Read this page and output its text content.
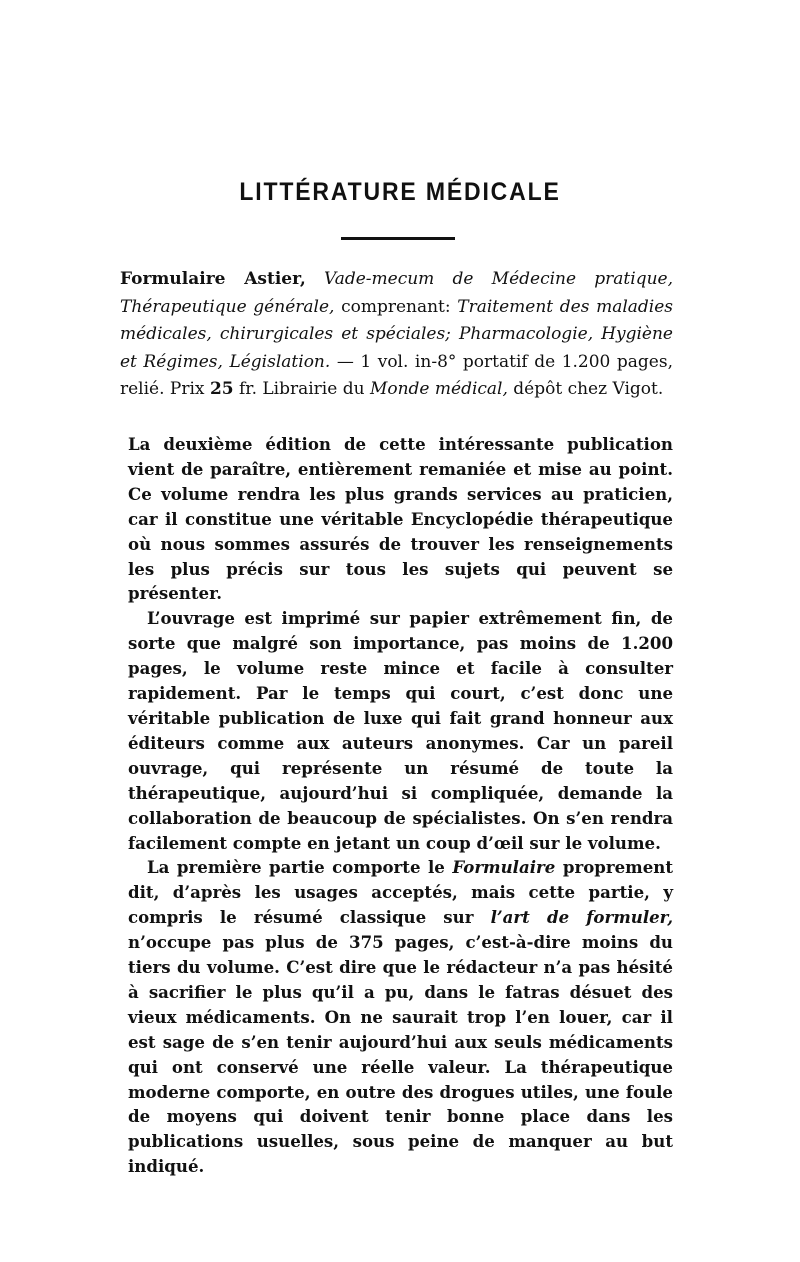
LITTÉRATURE MÉDICALE
Formulaire Astier, Vade-mecum de Médecine pratique, Thérapeutique générale, comprenant: Traitement des maladies médicales, chirurgicales et spéciales; Pharmacologie, Hygiène et Régimes, Législation. — 1 vol. in-8° portatif de 1.200 pages, relié. Prix 25 fr. Librairie du Monde médical, dépôt chez Vigot.

La deuxième édition de cette intéressante publication vient de paraître, entièrement remaniée et mise au point. Ce volume rendra les plus grands services au praticien, car il constitue une véritable Encyclopédie thérapeutique où nous sommes assurés de trouver les renseignements les plus précis sur tous les sujets qui peuvent se présenter.

L’ouvrage est imprimé sur papier extrêmement fin, de sorte que malgré son importance, pas moins de 1.200 pages, le volume reste mince et facile à consulter rapidement. Par le temps qui court, c’est donc une véritable publication de luxe qui fait grand honneur aux éditeurs comme aux auteurs anonymes. Car un pareil ouvrage, qui représente un résumé de toute la thérapeutique, aujourd’hui si compliquée, demande la collaboration de beaucoup de spécialistes. On s’en rendra facilement compte en jetant un coup d’œil sur le volume.

La première partie comporte le Formulaire proprement dit, d’après les usages acceptés, mais cette partie, y compris le résumé classique sur l’art de formuler, n’occupe pas plus de 375 pages, c’est-à-dire moins du tiers du volume. C’est dire que le rédacteur n’a pas hésité à sacrifier le plus qu’il a pu, dans le fatras désuet des vieux médicaments. On ne saurait trop l’en louer, car il est sage de s’en tenir aujourd’hui aux seuls médicaments qui ont conservé une réelle valeur. La thérapeutique moderne comporte, en outre des drogues utiles, une foule de moyens qui doivent tenir bonne place dans les publications usuelles, sous peine de manquer au but indiqué.
